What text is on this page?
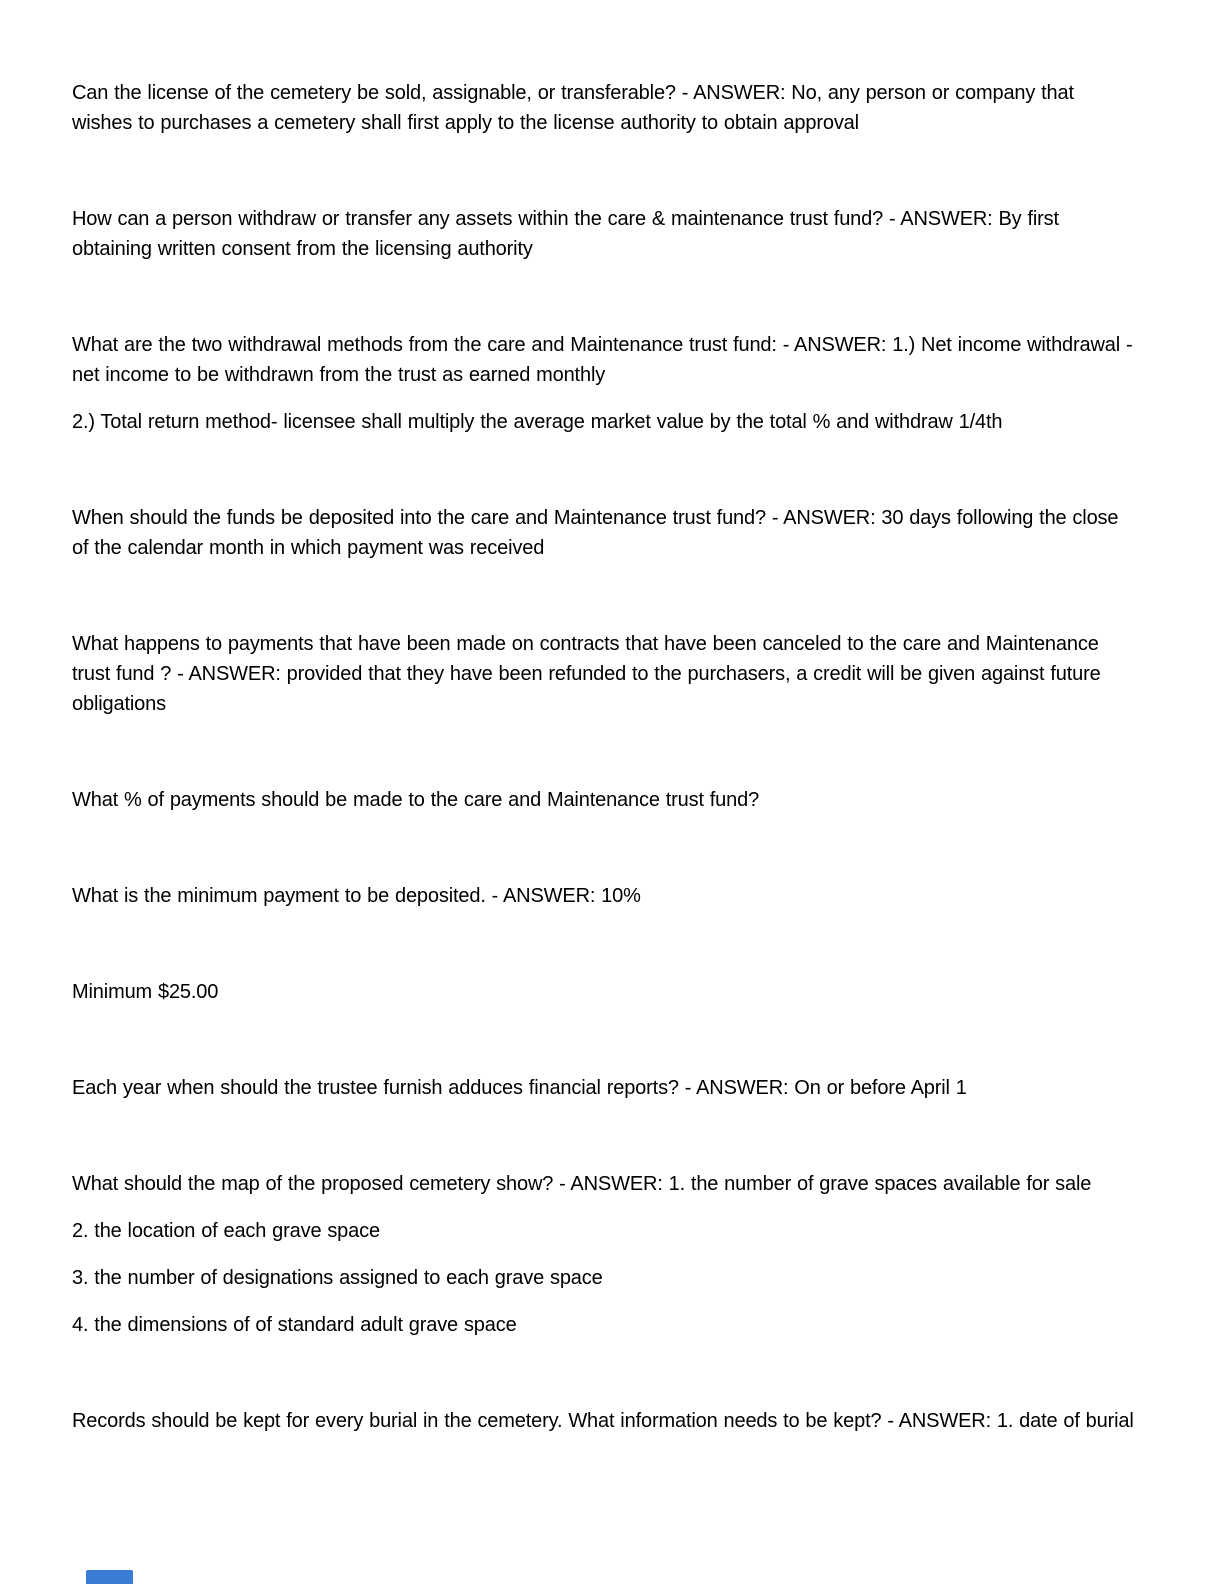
Can the license of the cemetery be sold, assignable, or transferable? - ANSWER: No, any person or company that wishes to purchases a cemetery shall first apply to the license authority to obtain approval

How can a person withdraw or transfer any assets within the care & maintenance trust fund? - ANSWER: By first obtaining written consent from the licensing authority

What are the two withdrawal methods from the care and Maintenance trust fund: - ANSWER: 1.) Net income withdrawal - net income to be withdrawn from the trust as earned monthly

2.) Total return method- licensee shall multiply the average market value by the total % and withdraw 1/4th

When should the funds be deposited into the care and Maintenance trust fund? - ANSWER: 30 days following the close of the calendar month in which payment was received

What happens to payments that have been made on contracts that have been canceled to the care and Maintenance trust fund ? - ANSWER: provided that they have been refunded to the purchasers, a credit will be given against future obligations

What % of payments should be made to the care and Maintenance trust fund?

What is the minimum payment to be deposited. - ANSWER: 10%

Minimum $25.00

Each year when should the trustee furnish adduces financial reports? - ANSWER: On or before April 1

What should the map of the proposed cemetery show? - ANSWER: 1. the number of grave spaces available for sale

2. the location of each grave space

3. the number of designations assigned to each grave space

4. the dimensions of of standard adult grave space

Records should be kept for every burial in the cemetery. What information needs to be kept? - ANSWER: 1. date of burial
